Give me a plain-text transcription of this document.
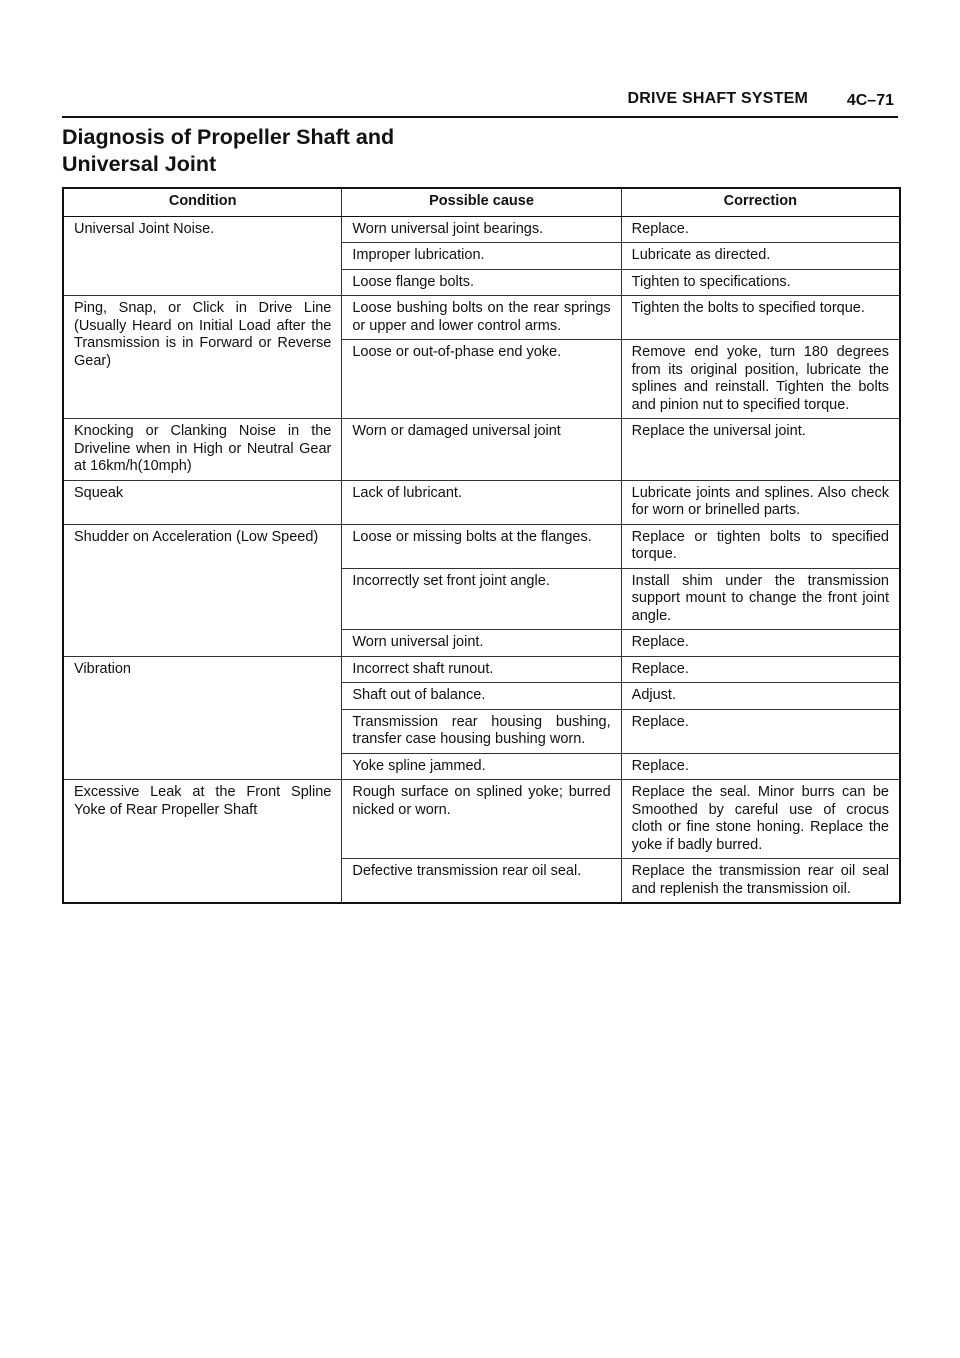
DRIVE SHAFT SYSTEM 4C–71
Diagnosis of Propeller Shaft and
Universal Joint
Condition	Possible cause	Correction
Universal Joint Noise.	Worn universal joint bearings.	Replace.
	Improper lubrication.	Lubricate as directed.
	Loose flange bolts.	Tighten to specifications.
Ping, Snap, or Click in Drive Line (Usually Heard on Initial Load after the Transmission is in Forward or Reverse Gear)	Loose bushing bolts on the rear springs or upper and lower control arms.	Tighten the bolts to specified torque.
	Loose or out-of-phase end yoke.	Remove end yoke, turn 180 degrees from its original position, lubricate the splines and reinstall. Tighten the bolts and pinion nut to specified torque.
Knocking or Clanking Noise in the Driveline when in High or Neutral Gear at 16km/h(10mph)	Worn or damaged universal joint	Replace the universal joint.
Squeak	Lack of lubricant.	Lubricate joints and splines. Also check for worn or brinelled parts.
Shudder on Acceleration (Low Speed)	Loose or missing bolts at the flanges.	Replace or tighten bolts to specified torque.
	Incorrectly set front joint angle.	Install shim under the transmission support mount to change the front joint angle.
	Worn universal joint.	Replace.
Vibration	Incorrect shaft runout.	Replace.
	Shaft out of balance.	Adjust.
	Transmission rear housing bushing, transfer case housing bushing worn.	Replace.
	Yoke spline jammed.	Replace.
Excessive Leak at the Front Spline Yoke of Rear Propeller Shaft	Rough surface on splined yoke; burred nicked or worn.	Replace the seal. Minor burrs can be Smoothed by careful use of crocus cloth or fine stone honing. Replace the yoke if badly burred.
	Defective transmission rear oil seal.	Replace the transmission rear oil seal and replenish the transmission oil.
